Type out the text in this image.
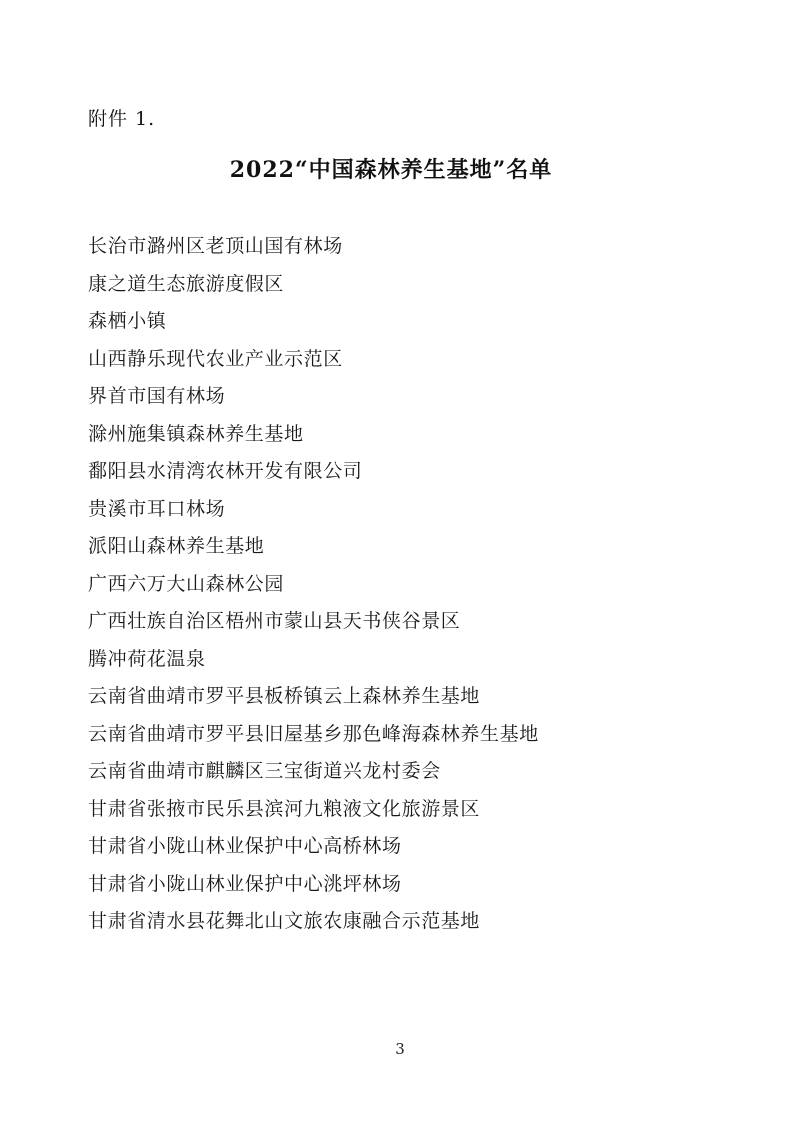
附件 1.
2022“中国森林养生基地”名单
长治市潞州区老顶山国有林场
康之道生态旅游度假区
森栖小镇
山西静乐现代农业产业示范区
界首市国有林场
滁州施集镇森林养生基地
鄱阳县水清湾农林开发有限公司
贵溪市耳口林场
派阳山森林养生基地
广西六万大山森林公园
广西壮族自治区梧州市蒙山县天书侠谷景区
腾冲荷花温泉
云南省曲靖市罗平县板桥镇云上森林养生基地
云南省曲靖市罗平县旧屋基乡那色峰海森林养生基地
云南省曲靖市麒麟区三宝街道兴龙村委会
甘肃省张掖市民乐县滨河九粮液文化旅游景区
甘肃省小陇山林业保护中心高桥林场
甘肃省小陇山林业保护中心洮坪林场
甘肃省清水县花舞北山文旅农康融合示范基地
3
